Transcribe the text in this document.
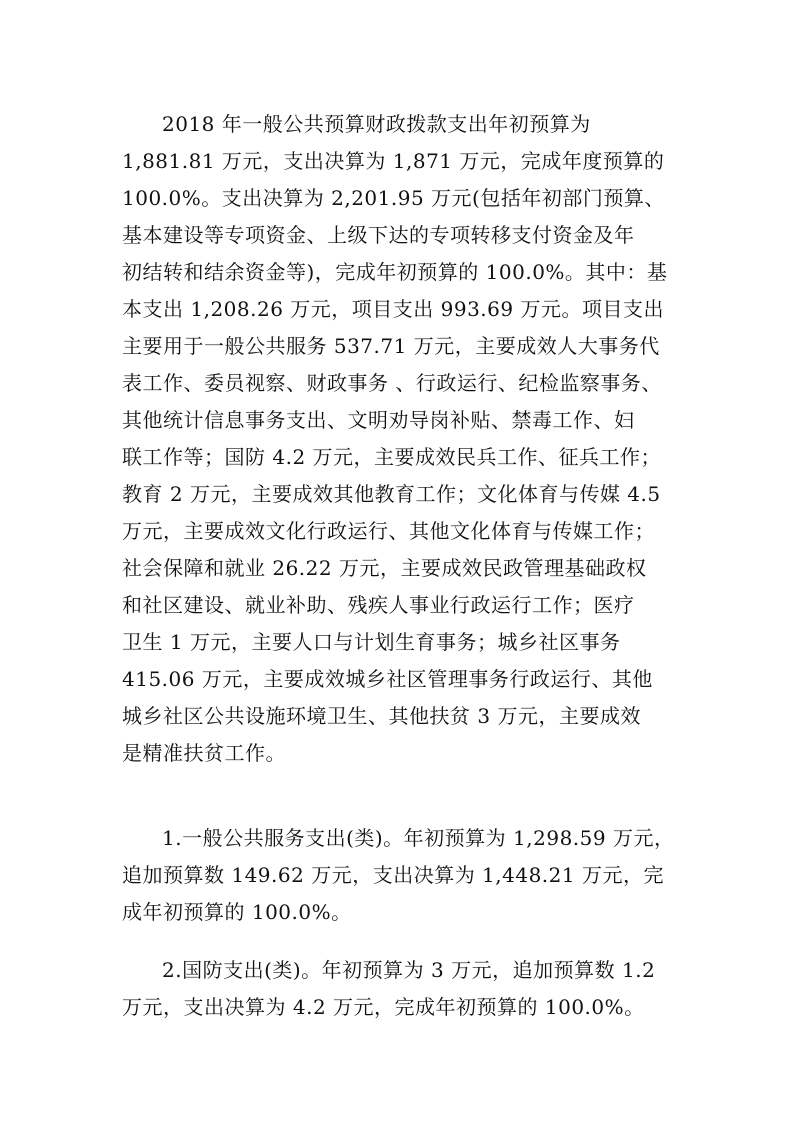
2018 年一般公共预算财政拨款支出年初预算为
1,881.81 万元，支出决算为 1,871 万元，完成年度预算的
100.0%。支出决算为 2,201.95 万元(包括年初部门预算、
基本建设等专项资金、上级下达的专项转移支付资金及年
初结转和结余资金等)，完成年初预算的 100.0%。其中：基
本支出 1,208.26 万元，项目支出 993.69 万元。项目支出
主要用于一般公共服务 537.71 万元，主要成效人大事务代
表工作、委员视察、财政事务 、行政运行、纪检监察事务、
其他统计信息事务支出、文明劝导岗补贴、禁毒工作、妇
联工作等；国防 4.2 万元，主要成效民兵工作、征兵工作；
教育 2 万元，主要成效其他教育工作；文化体育与传媒 4.5
万元，主要成效文化行政运行、其他文化体育与传媒工作；
社会保障和就业 26.22 万元，主要成效民政管理基础政权
和社区建设、就业补助、残疾人事业行政运行工作；医疗
卫生 1 万元，主要人口与计划生育事务；城乡社区事务
415.06 万元，主要成效城乡社区管理事务行政运行、其他
城乡社区公共设施环境卫生、其他扶贫 3 万元，主要成效
是精准扶贫工作。
1.一般公共服务支出(类)。年初预算为 1,298.59 万元，
追加预算数 149.62 万元，支出决算为 1,448.21 万元，完
成年初预算的 100.0%。
2.国防支出(类)。年初预算为 3 万元，追加预算数 1.2
万元，支出决算为 4.2 万元，完成年初预算的 100.0%。
